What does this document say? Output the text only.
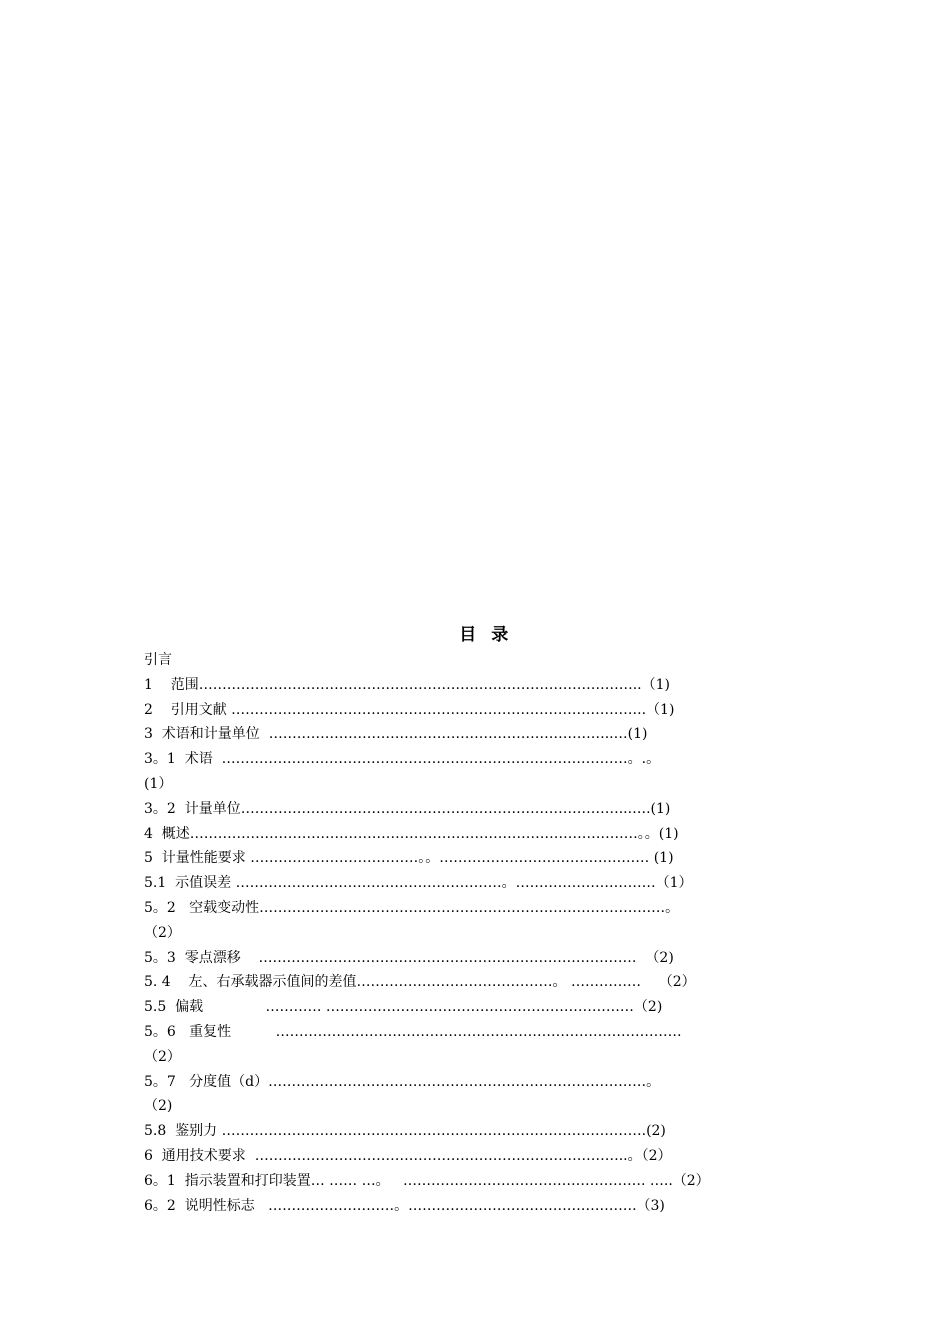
目 录
引言
1    范围…………………………………………………………………………………..（1)
2    引用文献 ……………………………………………………………………………..（1)
3  术语和计量单位  ………………………………………………………………..…(1)
3。1  术语  ……………………………………………………………………………。.。
(1）
3。2  计量单位………………………………………………………………………...….(1)
4  概述……………………………………………………………………………………。。(1)
5  计量性能要求 ………………………………。。……………………………………… (1)
5.1  示值误差 …………………………………………………。…………………………（1）
5。2   空载变动性……………………………………………………………………………。
（2）
5。3  零点漂移    ………………………………………………………………………  （2)
5. 4    左、右承载器示值间的差值……………………………………。 ……………    （2）
5.5  偏载              ………… …………………………………………………………（2)
5。6   重复性          ……………………………………………………………………………
（2）
5。7   分度值（d）………………………………………………………………………。
（2)
5.8  鉴别力 ……………………………………………………………………………….(2)
6  通用技术要求  ……………………………………………………………………..。（2）
6。1  指示装置和打印装置… …… …。   ……………………………………………. …..（2）
6。2  说明性标志   ………………………。………………………………………….（3)
